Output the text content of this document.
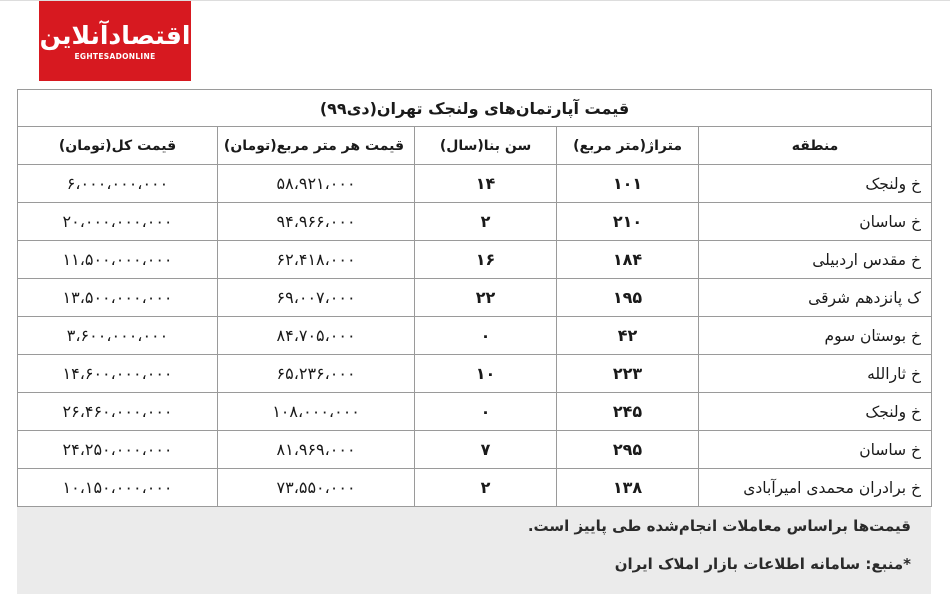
اقتصادآنلاین
EGHTESADONLINE
قیمت آپارتمان‌های ولنجک تهران(دی۹۹)				
منطقه	متراژ(متر مربع)	سن بنا(سال)	قیمت هر متر مربع(تومان)	قیمت کل(تومان)
خ ولنجک	۱۰۱	۱۴	۵۸،۹۲۱،۰۰۰	۶،۰۰۰،۰۰۰،۰۰۰
خ ساسان	۲۱۰	۲	۹۴،۹۶۶،۰۰۰	۲۰،۰۰۰،۰۰۰،۰۰۰
خ مقدس اردبیلی	۱۸۴	۱۶	۶۲،۴۱۸،۰۰۰	۱۱،۵۰۰،۰۰۰،۰۰۰
ک پانزدهم شرقی	۱۹۵	۲۲	۶۹،۰۰۷،۰۰۰	۱۳،۵۰۰،۰۰۰،۰۰۰
خ بوستان سوم	۴۲	۰	۸۴،۷۰۵،۰۰۰	۳،۶۰۰،۰۰۰،۰۰۰
خ ثارالله	۲۲۳	۱۰	۶۵،۲۳۶،۰۰۰	۱۴،۶۰۰،۰۰۰،۰۰۰
خ ولنجک	۲۴۵	۰	۱۰۸،۰۰۰،۰۰۰	۲۶،۴۶۰،۰۰۰،۰۰۰
خ ساسان	۲۹۵	۷	۸۱،۹۶۹،۰۰۰	۲۴،۲۵۰،۰۰۰،۰۰۰
خ برادران محمدی امیرآبادی	۱۳۸	۲	۷۳،۵۵۰،۰۰۰	۱۰،۱۵۰،۰۰۰،۰۰۰
قیمت‌ها براساس معاملات انجام‌شده طی پاییز است.
*منبع: سامانه اطلاعات بازار املاک ایران
